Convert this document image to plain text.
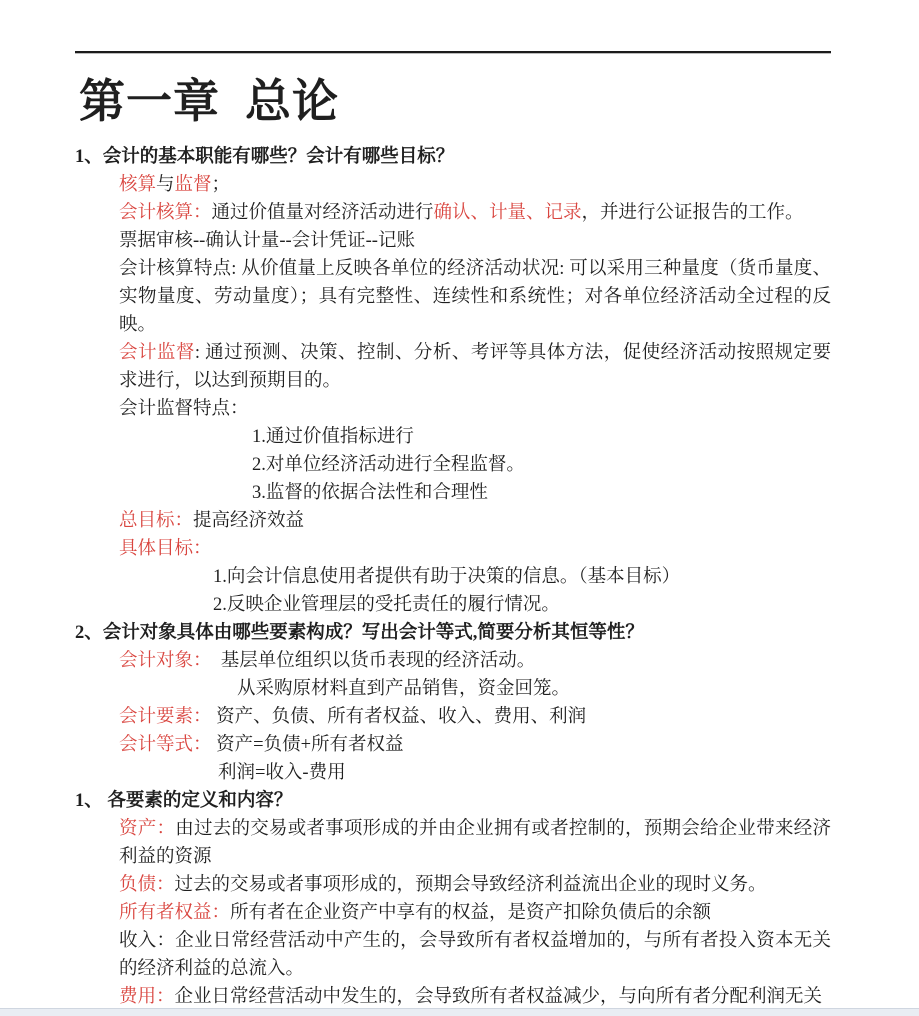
第一章  总论
1、会计的基本职能有哪些？会计有哪些目标？
核算与监督；
会计核算：通过价值量对经济活动进行确认、计量、记录，并进行公证报告的工作。
票据审核--确认计量--会计凭证--记账
会计核算特点: 从价值量上反映各单位的经济活动状况: 可以采用三种量度（货币量度、实物量度、劳动量度）；具有完整性、连续性和系统性；对各单位经济活动全过程的反映。
会计监督: 通过预测、决策、控制、分析、考评等具体方法，促使经济活动按照规定要求进行，以达到预期目的。
会计监督特点：
1.通过价值指标进行
2.对单位经济活动进行全程监督。
3.监督的依据合法性和合理性
总目标：提高经济效益
具体目标：
1.向会计信息使用者提供有助于决策的信息。（基本目标）
2.反映企业管理层的受托责任的履行情况。
2、会计对象具体由哪些要素构成？写出会计等式,简要分析其恒等性？
会计对象：　基层单位组织以货币表现的经济活动。
从采购原材料直到产品销售，资金回笼。
会计要素： 资产、负债、所有者权益、收入、费用、利润
会计等式： 资产=负债+所有者权益
利润=收入-费用
1、 各要素的定义和内容？
资产：由过去的交易或者事项形成的并由企业拥有或者控制的，预期会给企业带来经济利益的资源
负债：过去的交易或者事项形成的，预期会导致经济利益流出企业的现时义务。
所有者权益：所有者在企业资产中享有的权益，是资产扣除负债后的余额
收入：企业日常经营活动中产生的，会导致所有者权益增加的，与所有者投入资本无关的经济利益的总流入。
费用：企业日常经营活动中发生的，会导致所有者权益减少，与向所有者分配利润无关
